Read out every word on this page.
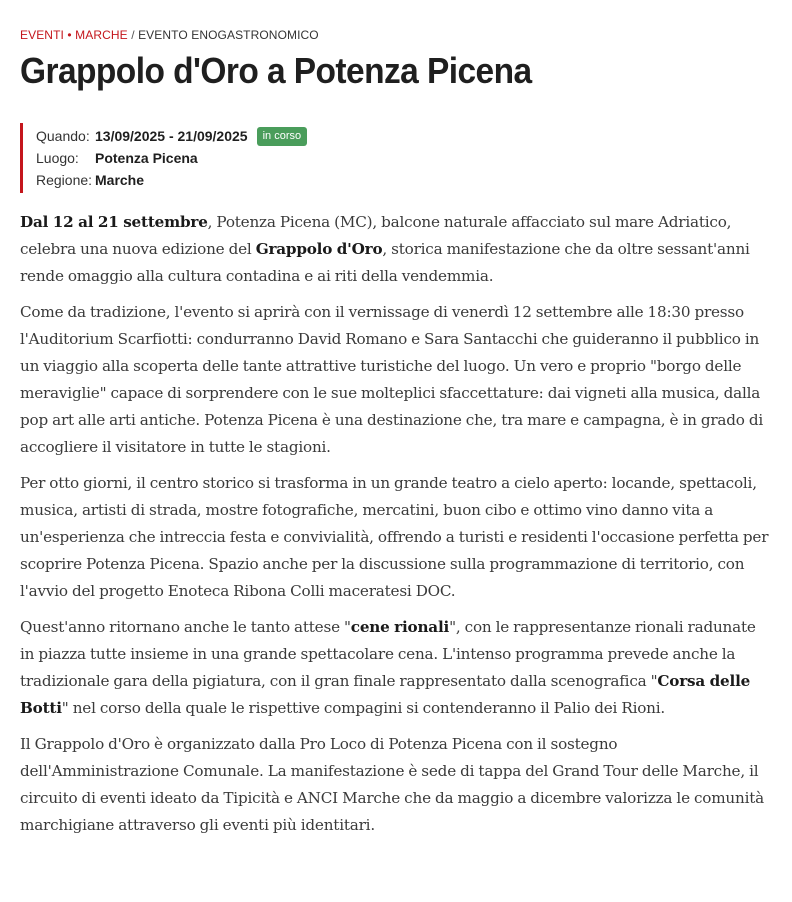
EVENTI • MARCHE / EVENTO ENOGASTRONOMICO
Grappolo d'Oro a Potenza Picena
Quando: 13/09/2025 - 21/09/2025	in corso
Luogo:	Potenza Picena
Regione: Marche

Dal 12 al 21 settembre, Potenza Picena (MC), balcone naturale affacciato sul mare Adriatico, celebra una nuova edizione del Grappolo d'Oro, storica manifestazione che da oltre sessant'anni rende omaggio alla cultura contadina e ai riti della vendemmia.

Come da tradizione, l'evento si aprirà con il vernissage di venerdì 12 settembre alle 18:30 presso l'Auditorium Scarfiotti: condurranno David Romano e Sara Santacchi che guideranno il pubblico in un viaggio alla scoperta delle tante attrattive turistiche del luogo. Un vero e proprio "borgo delle meraviglie" capace di sorprendere con le sue molteplici sfaccettature: dai vigneti alla musica, dalla pop art alle arti antiche. Potenza Picena è una destinazione che, tra mare e campagna, è in grado di accogliere il visitatore in tutte le stagioni.

Per otto giorni, il centro storico si trasforma in un grande teatro a cielo aperto: locande, spettacoli, musica, artisti di strada, mostre fotografiche, mercatini, buon cibo e ottimo vino danno vita a un'esperienza che intreccia festa e convivialità, offrendo a turisti e residenti l'occasione perfetta per scoprire Potenza Picena. Spazio anche per la discussione sulla programmazione di territorio, con l'avvio del progetto Enoteca Ribona Colli maceratesi DOC.

Quest'anno ritornano anche le tanto attese "cene rionali", con le rappresentanze rionali radunate in piazza tutte insieme in una grande spettacolare cena. L'intenso programma prevede anche la tradizionale gara della pigiatura, con il gran finale rappresentato dalla scenografica "Corsa delle Botti" nel corso della quale le rispettive compagini si contenderanno il Palio dei Rioni.

Il Grappolo d'Oro è organizzato dalla Pro Loco di Potenza Picena con il sostegno dell'Amministrazione Comunale. La manifestazione è sede di tappa del Grand Tour delle Marche, il circuito di eventi ideato da Tipicità e ANCI Marche che da maggio a dicembre valorizza le comunità marchigiane attraverso gli eventi più identitari.
